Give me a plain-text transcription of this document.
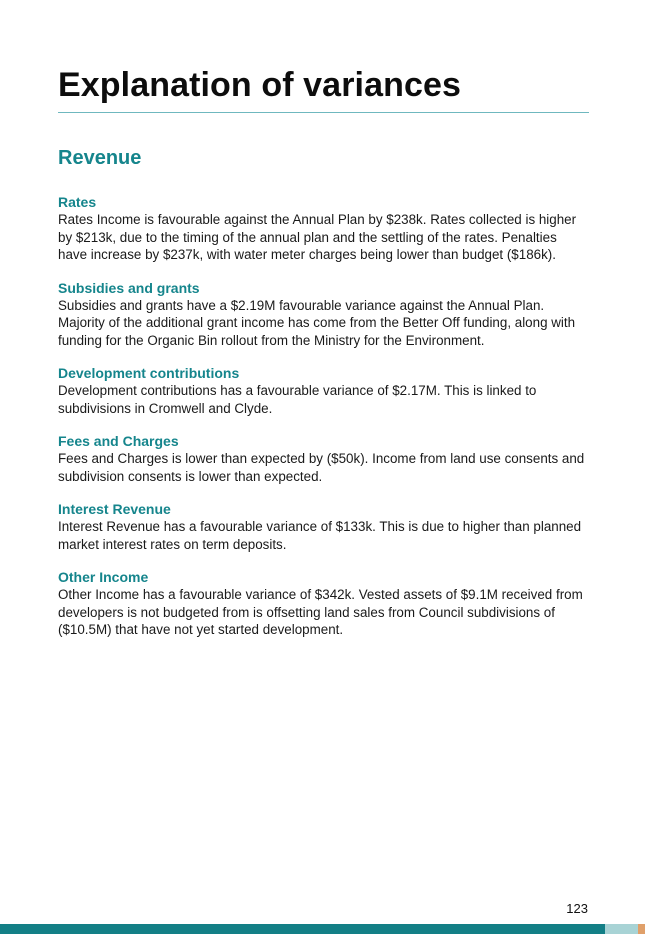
Explanation of variances
Revenue
Rates

Rates Income is favourable against the Annual Plan by $238k. Rates collected is higher by $213k, due to the timing of the annual plan and the settling of the rates. Penalties have increase by $237k, with water meter charges being lower than budget ($186k).

Subsidies and grants

Subsidies and grants have a $2.19M favourable variance against the Annual Plan. Majority of the additional grant income has come from the Better Off funding, along with funding for the Organic Bin rollout from the Ministry for the Environment.

Development contributions

Development contributions has a favourable variance of $2.17M. This is linked to subdivisions in Cromwell and Clyde.

Fees and Charges

Fees and Charges is lower than expected by ($50k). Income from land use consents and subdivision consents is lower than expected.

Interest Revenue

Interest Revenue has a favourable variance of $133k. This is due to higher than planned market interest rates on term deposits.

Other Income

Other Income has a favourable variance of $342k. Vested assets of $9.1M received from developers is not budgeted from is offsetting land sales from Council subdivisions of ($10.5M) that have not yet started development.

123
